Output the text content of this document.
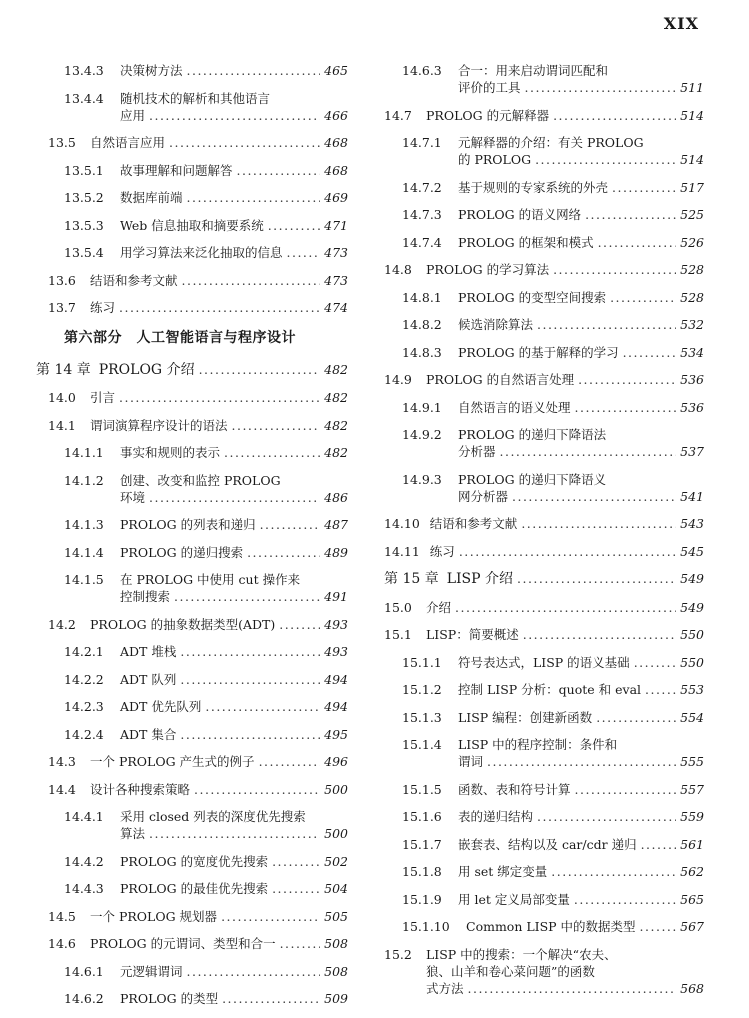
XIX
13.4.3	决策树方法 .....	465
13.4.4	随机技术的解析和其他语言
应用 .....	466
13.5	自然语言应用 .....	468
13.5.1	故事理解和问题解答 .....	468
13.5.2	数据库前端 .....	469
13.5.3	Web 信息抽取和摘要系统 .....	471
13.5.4	用学习算法来泛化抽取的信息 .....	473
13.6	结语和参考文献 .....	473
13.7	练习 .....	474
第六部分　人工智能语言与程序设计
第 14 章 PROLOG 介绍 .....	482
14.0	引言 .....	482
14.1	谓词演算程序设计的语法 .....	482
14.1.1	事实和规则的表示 .....	482
14.1.2	创建、改变和监控 PROLOG
环境 .....	486
14.1.3	PROLOG 的列表和递归 .....	487
14.1.4	PROLOG 的递归搜索 .....	489
14.1.5	在 PROLOG 中使用 cut 操作来
控制搜索 .....	491
14.2	PROLOG 的抽象数据类型(ADT) .....	493
14.2.1	ADT 堆栈 .....	493
14.2.2	ADT 队列 .....	494
14.2.3	ADT 优先队列 .....	494
14.2.4	ADT 集合 .....	495
14.3	一个 PROLOG 产生式的例子 .....	496
14.4	设计各种搜索策略 .....	500
14.4.1	采用 closed 列表的深度优先搜索
算法 .....	500
14.4.2	PROLOG 的宽度优先搜索 .....	502
14.4.3	PROLOG 的最佳优先搜索 .....	504
14.5	一个 PROLOG 规划器 .....	505
14.6	PROLOG 的元谓词、类型和合一 .....	508
14.6.1	元逻辑谓词 .....	508
14.6.2	PROLOG 的类型 .....	509
14.6.3	合一：用来启动谓词匹配和
评价的工具 .....	511
14.7	PROLOG 的元解释器 .....	514
14.7.1	元解释器的介绍：有关 PROLOG
的 PROLOG .....	514
14.7.2	基于规则的专家系统的外壳 .....	517
14.7.3	PROLOG 的语义网络 .....	525
14.7.4	PROLOG 的框架和模式 .....	526
14.8	PROLOG 的学习算法 .....	528
14.8.1	PROLOG 的变型空间搜索 .....	528
14.8.2	候选消除算法 .....	532
14.8.3	PROLOG 的基于解释的学习 .....	534
14.9	PROLOG 的自然语言处理 .....	536
14.9.1	自然语言的语义处理 .....	536
14.9.2	PROLOG 的递归下降语法
分析器 .....	537
14.9.3	PROLOG 的递归下降语义
网分析器 .....	541
14.10 结语和参考文献 .....	543
14.11 练习 .....	545
第 15 章 LISP 介绍 .....	549
15.0	介绍 .....	549
15.1	LISP：简要概述 .....	550
15.1.1	符号表达式，LISP 的语义基础 .....	550
15.1.2	控制 LISP 分析：quote 和 eval .....	553
15.1.3	LISP 编程：创建新函数 .....	554
15.1.4	LISP 中的程序控制：条件和
谓词 .....	555
15.1.5	函数、表和符号计算 .....	557
15.1.6	表的递归结构 .....	559
15.1.7	嵌套表、结构以及 car/cdr 递归 .....	561
15.1.8	用 set 绑定变量 .....	562
15.1.9	用 let 定义局部变量 .....	565
15.1.10	Common LISP 中的数据类型 .....	567
15.2	LISP 中的搜索：一个解决“农夫、
狼、山羊和卷心菜问题”的函数
式方法 .....	568
